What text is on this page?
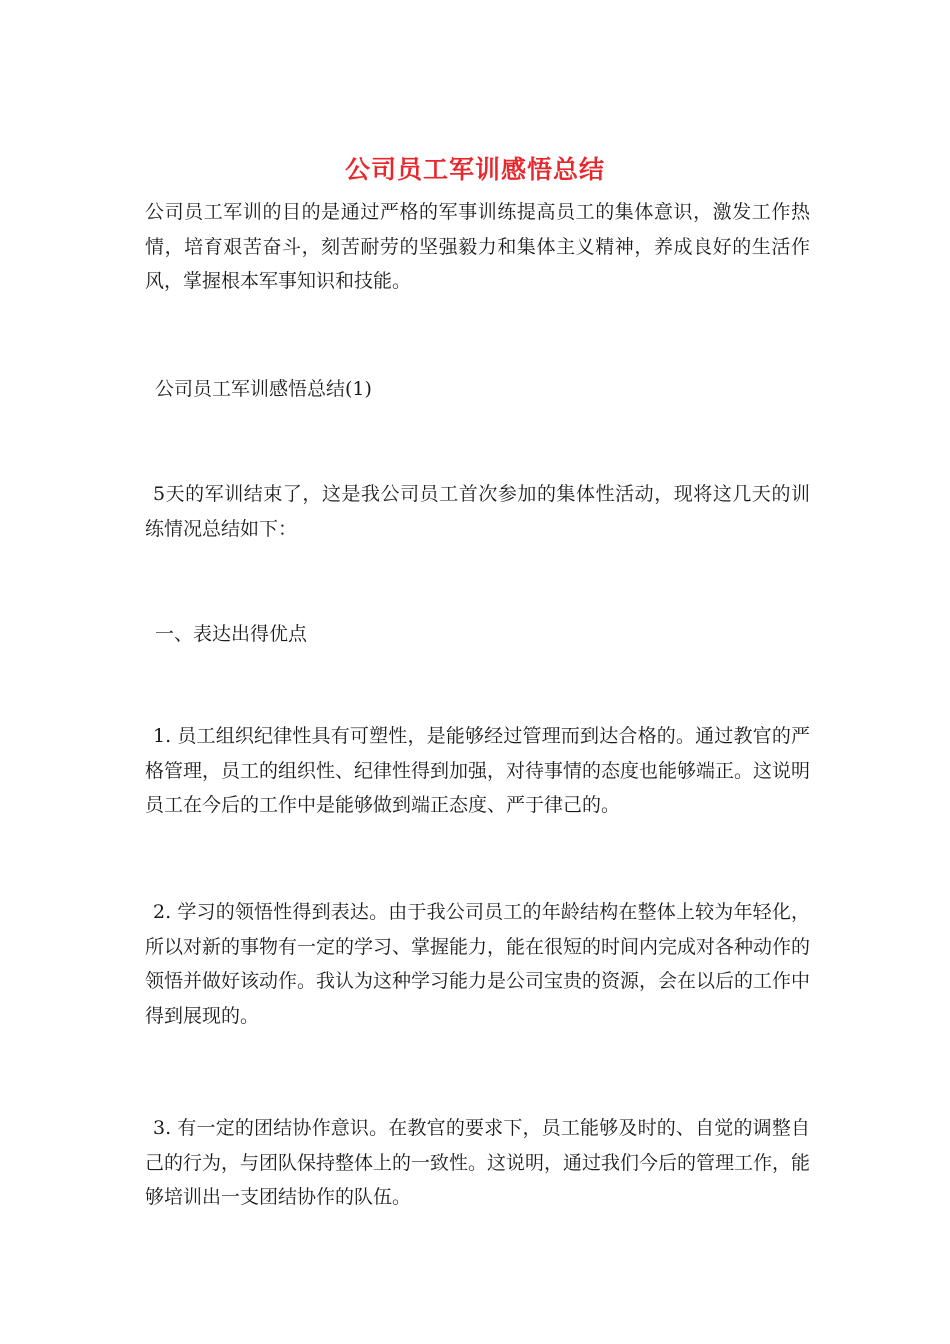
公司员工军训感悟总结

公司员工军训的目的是通过严格的军事训练提高员工的集体意识，激发工作热情，培育艰苦奋斗，刻苦耐劳的坚强毅力和集体主义精神，养成良好的生活作风，掌握根本军事知识和技能。

公司员工军训感悟总结(1)

5天的军训结束了，这是我公司员工首次参加的集体性活动，现将这几天的训练情况总结如下：

一、表达出得优点

1. 员工组织纪律性具有可塑性，是能够经过管理而到达合格的。通过教官的严格管理，员工的组织性、纪律性得到加强，对待事情的态度也能够端正。这说明员工在今后的工作中是能够做到端正态度、严于律己的。

2. 学习的领悟性得到表达。由于我公司员工的年龄结构在整体上较为年轻化，所以对新的事物有一定的学习、掌握能力，能在很短的时间内完成对各种动作的领悟并做好该动作。我认为这种学习能力是公司宝贵的资源，会在以后的工作中得到展现的。

3. 有一定的团结协作意识。在教官的要求下，员工能够及时的、自觉的调整自己的行为，与团队保持整体上的一致性。这说明，通过我们今后的管理工作，能够培训出一支团结协作的队伍。
